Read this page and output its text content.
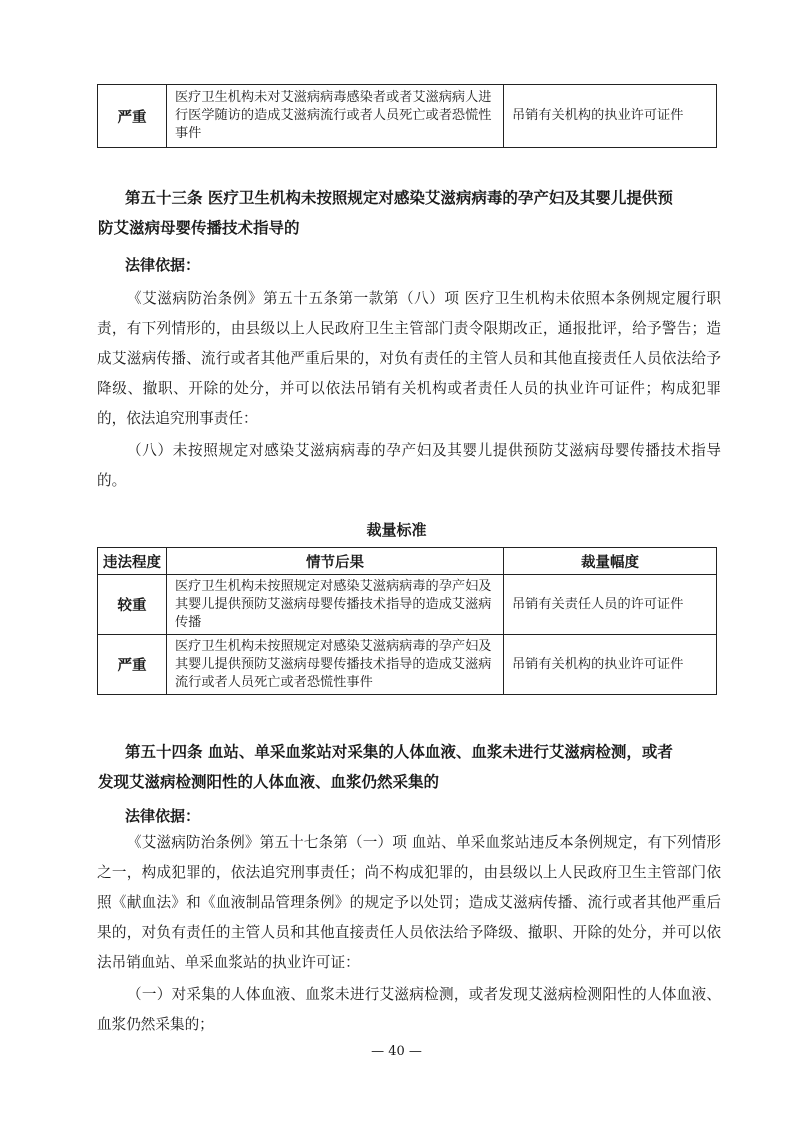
严重	医疗卫生机构未对艾滋病病毒感染者或者艾滋病病人进行医学随访的造成艾滋病流行或者人员死亡或者恐慌性事件	吊销有关机构的执业许可证件
第五十三条 医疗卫生机构未按照规定对感染艾滋病病毒的孕产妇及其婴儿提供预
防艾滋病母婴传播技术指导的

法律依据：

《艾滋病防治条例》第五十五条第一款第（八）项 医疗卫生机构未依照本条例规定履行职责，有下列情形的，由县级以上人民政府卫生主管部门责令限期改正，通报批评，给予警告；造成艾滋病传播、流行或者其他严重后果的，对负有责任的主管人员和其他直接责任人员依法给予降级、撤职、开除的处分，并可以依法吊销有关机构或者责任人员的执业许可证件；构成犯罪的，依法追究刑事责任：

（八）未按照规定对感染艾滋病病毒的孕产妇及其婴儿提供预防艾滋病母婴传播技术指导的。

裁量标准

违法程度	情节后果	裁量幅度
较重	医疗卫生机构未按照规定对感染艾滋病病毒的孕产妇及其婴儿提供预防艾滋病母婴传播技术指导的造成艾滋病传播	吊销有关责任人员的许可证件
严重	医疗卫生机构未按照规定对感染艾滋病病毒的孕产妇及其婴儿提供预防艾滋病母婴传播技术指导的造成艾滋病流行或者人员死亡或者恐慌性事件	吊销有关机构的执业许可证件
第五十四条 血站、单采血浆站对采集的人体血液、血浆未进行艾滋病检测，或者
发现艾滋病检测阳性的人体血液、血浆仍然采集的

法律依据：

《艾滋病防治条例》第五十七条第（一）项 血站、单采血浆站违反本条例规定，有下列情形之一，构成犯罪的，依法追究刑事责任；尚不构成犯罪的，由县级以上人民政府卫生主管部门依照《献血法》和《血液制品管理条例》的规定予以处罚；造成艾滋病传播、流行或者其他严重后果的，对负有责任的主管人员和其他直接责任人员依法给予降级、撤职、开除的处分，并可以依法吊销血站、单采血浆站的执业许可证：

（一）对采集的人体血液、血浆未进行艾滋病检测，或者发现艾滋病检测阳性的人体血液、血浆仍然采集的；

— 40 —
